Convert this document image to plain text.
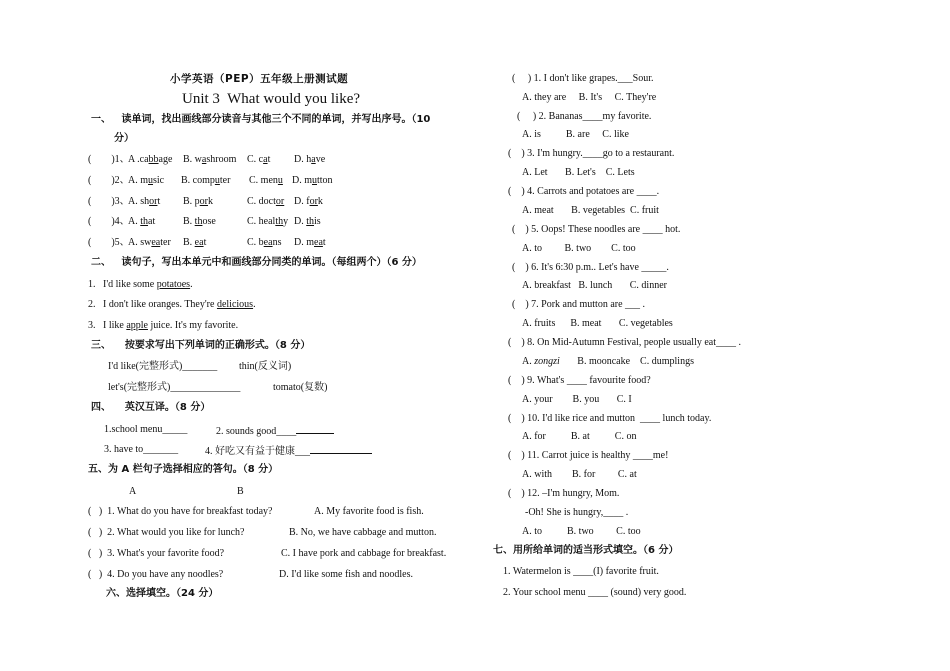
小学英语（PEP）五年级上册测试题
Unit 3  What would you like?
一、   读单词，找出画线部分读音与其他三个不同的单词，并写出序号。（10
分）
(        )1、
A .cabbage B. washroom C. cat D. have
(        )2、
A. music B. computer C. menu D. mutton
(        )3、
A. short B. pork	C. doctor D. fork
(        )4、
A. that	B. those	C. healthy D. this
(        )5、
A. sweater B. eat	C. beans D. meat
二、   读句子，写出本单元中和画线部分同类的单词。（每组两个）（6 分）
1.   I'd like some potatoes.
2.   I don't like oranges. They're delicious.
3.   I like apple juice. It's my favorite.
三、    按要求写出下列单词的正确形式。（8 分）
I'd like(完整形式)_______ thin(反义词)
let's(完整形式)______________	tomato(复数)
四、    英汉互译。（8 分）
1.school menu_____	2. sounds good____
3. have to_______	4. 好吃又有益于健康___
五、为 A 栏句子选择相应的答句。（8 分）
A	B
(   )  1. What do you have for breakfast today?	A. My favorite food is fish.
(   )  2. What would you like for lunch?	B. No, we have cabbage and mutton.
(   )  3. What's your favorite food?	C. I have pork and cabbage for breakfast.
(   )  4. Do you have any noodles?	D. I'd like some fish and noodles.
六、选择填空。（24 分）
(     ) 1. I don't like grapes.___Sour.
A. they are     B. It's     C. They're
(     ) 2. Bananas____my favorite.
A. is          B. are     C. like
(    ) 3. I'm hungry.____go to a restaurant.
A. Let       B. Let's    C. Lets
(    ) 4. Carrots and potatoes are ____.
A. meat       B. vegetables  C. fruit
(    ) 5. Oops! These noodles are ____ hot.
A. to         B. two        C. too
(    ) 6. It's 6:30 p.m.. Let's have _____.
A. breakfast   B. lunch       C. dinner
(    ) 7. Pork and mutton are ___ .
A. fruits      B. meat       C. vegetables
(    ) 8. On Mid-Autumn Festival, people usually eat____ .
A. zongzi       B. mooncake    C. dumplings
(    ) 9. What's ____ favourite food?
A. your        B. you       C. I
(    ) 10. I'd like rice and mutton  ____ lunch today.
A. for          B. at          C. on
(    ) 11. Carrot juice is healthy ____me!
A. with        B. for         C. at
(    ) 12. –I'm hungry, Mom.
-Oh! She is hungry,____ .
A. to          B. two         C. too
七、用所给单词的适当形式填空。（6 分）
1. Watermelon is ____(I) favorite fruit.
2. Your school menu ____ (sound) very good.
